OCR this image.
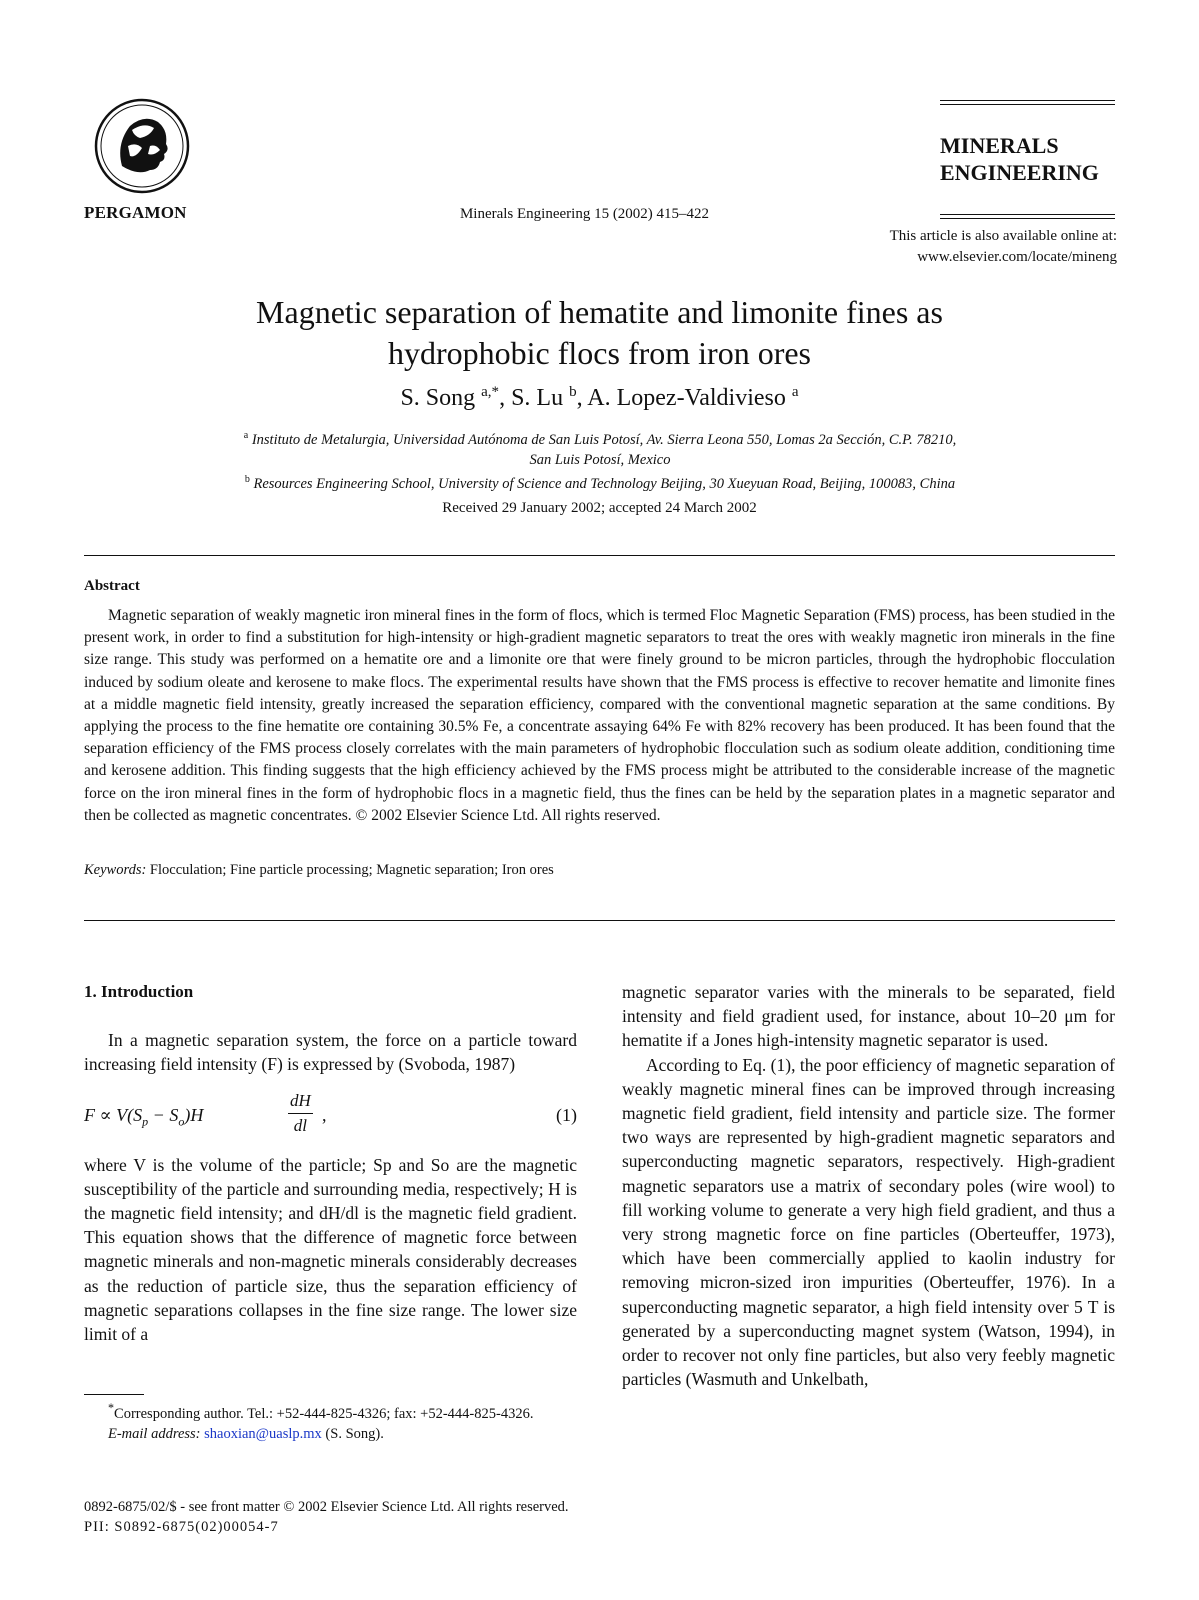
PERGAMON	Minerals Engineering 15 (2002) 415–422
MINERALS
ENGINEERING
This article is also available online at:
www.elsevier.com/locate/mineng
Magnetic separation of hematite and limonite fines as
hydrophobic flocs from iron ores
S. Song $^{a,*}$, S. Lu $^b$, A. Lopez-Valdivieso $^a$
$^a$ Instituto de Metalurgia, Universidad Autónoma de San Luis Potosí, Av. Sierra Leona 550, Lomas 2a Sección, C.P. 78210,
San Luis Potosí, Mexico
$^b$ Resources Engineering School, University of Science and Technology Beijing, 30 Xueyuan Road, Beijing, 100083, China
Received 29 January 2002; accepted 24 March 2002
Abstract
Magnetic separation of weakly magnetic iron mineral fines in the form of flocs, which is termed Floc Magnetic Separation (FMS) process, has been studied in the present work, in order to find a substitution for high-intensity or high-gradient magnetic separators to treat the ores with weakly magnetic iron minerals in the fine size range. This study was performed on a hematite ore and a limonite ore that were finely ground to be micron particles, through the hydrophobic flocculation induced by sodium oleate and kerosene to make flocs. The experimental results have shown that the FMS process is effective to recover hematite and limonite fines at a middle magnetic field intensity, greatly increased the separation efficiency, compared with the conventional magnetic separation at the same conditions. By applying the process to the fine hematite ore containing 30.5% Fe, a concentrate assaying 64% Fe with 82% recovery has been produced. It has been found that the separation efficiency of the FMS process closely correlates with the main parameters of hydrophobic flocculation such as sodium oleate addition, conditioning time and kerosene addition. This finding suggests that the high efficiency achieved by the FMS process might be attributed to the considerable increase of the magnetic force on the iron mineral fines in the form of hydrophobic flocs in a magnetic field, thus the fines can be held by the separation plates in a magnetic separator and then be collected as magnetic concentrates. © 2002 Elsevier Science Ltd. All rights reserved.
Keywords: Flocculation; Fine particle processing; Magnetic separation; Iron ores
1. Introduction

In a magnetic separation system, the force on a particle toward increasing field intensity (F) is expressed by (Svoboda, 1987)

$F \propto V(S_p - S_o)H$	$\frac{dH}{dl}$ ,	(1)

where V is the volume of the particle; Sp and So are the magnetic susceptibility of the particle and surrounding media, respectively; H is the magnetic field intensity; and dH/dl is the magnetic field gradient. This equation shows that the difference of magnetic force between magnetic minerals and non-magnetic minerals considerably decreases as the reduction of particle size, thus the separation efficiency of magnetic separations collapses in the fine size range. The lower size limit of a

magnetic separator varies with the minerals to be separated, field intensity and field gradient used, for instance, about 10–20 μm for hematite if a Jones high-intensity magnetic separator is used.

According to Eq. (1), the poor efficiency of magnetic separation of weakly magnetic mineral fines can be improved through increasing magnetic field gradient, field intensity and particle size. The former two ways are represented by high-gradient magnetic separators and superconducting magnetic separators, respectively. High-gradient magnetic separators use a matrix of secondary poles (wire wool) to fill working volume to generate a very high field gradient, and thus a very strong magnetic force on fine particles (Oberteuffer, 1973), which have been commercially applied to kaolin industry for removing micron-sized iron impurities (Oberteuffer, 1976). In a superconducting magnetic separator, a high field intensity over 5 T is generated by a superconducting magnet system (Watson, 1994), in order to recover not only fine particles, but also very feebly magnetic particles (Wasmuth and Unkelbath,

*Corresponding author. Tel.: +52-444-825-4326; fax: +52-444-825-4326.

E-mail address: shaoxian@uaslp.mx (S. Song).

0892-6875/02/$ - see front matter © 2002 Elsevier Science Ltd. All rights reserved.
PII: S0892-6875(02)00054-7
